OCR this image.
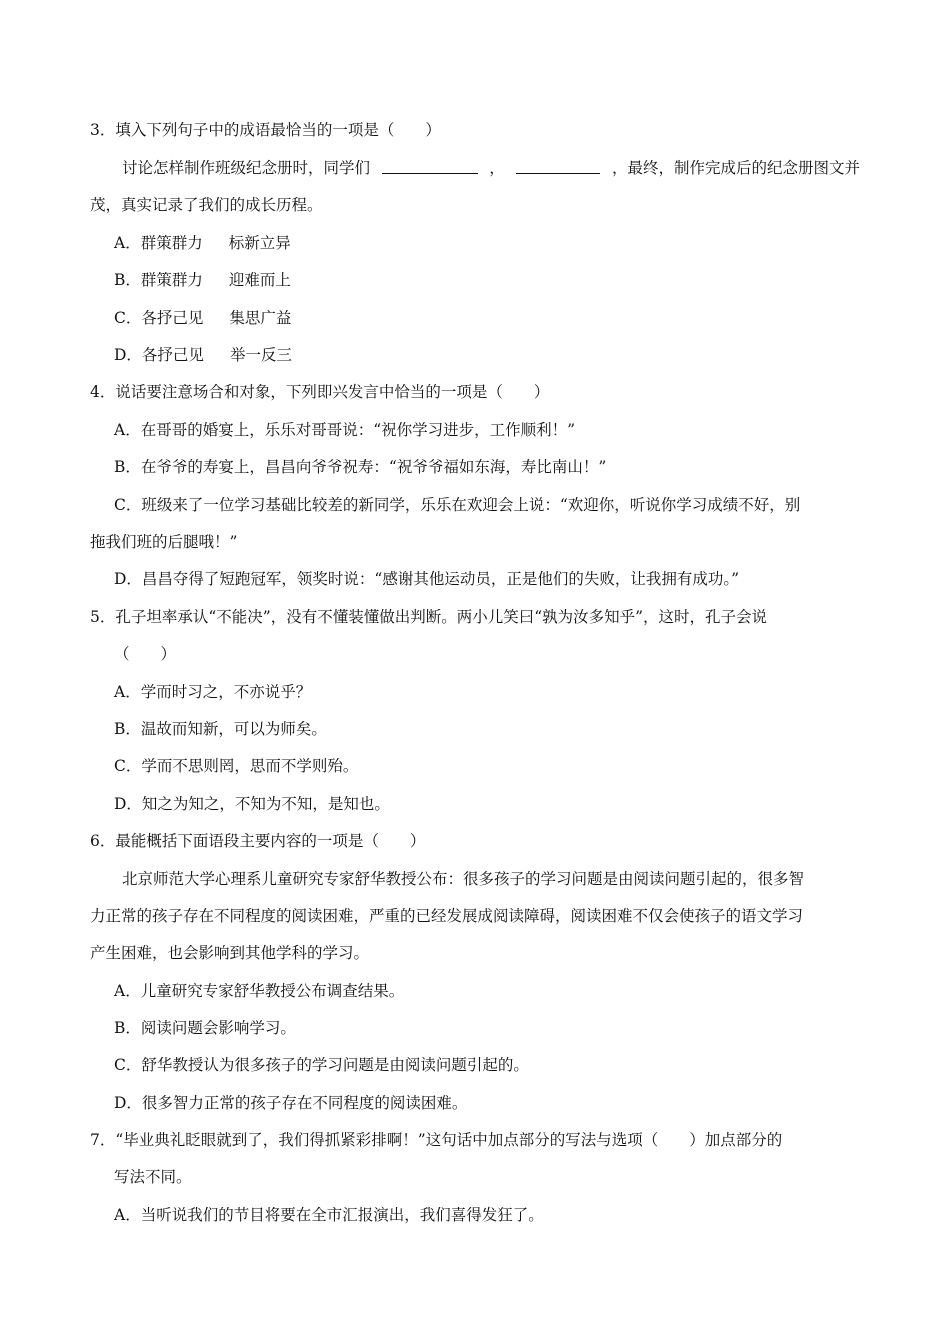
3．填入下列句子中的成语最恰当的一项是（　　）
讨论怎样制作班级纪念册时，同学们	，	，最终，制作完成后的纪念册图文并
茂，真实记录了我们的成长历程。
A．群策群力 标新立异
B．群策群力 迎难而上
C．各抒己见 集思广益
D．各抒己见 举一反三
4．说话要注意场合和对象，下列即兴发言中恰当的一项是（　　）
A．在哥哥的婚宴上，乐乐对哥哥说：“祝你学习进步，工作顺利！”
B．在爷爷的寿宴上，昌昌向爷爷祝寿：“祝爷爷福如东海，寿比南山！”
C．班级来了一位学习基础比较差的新同学，乐乐在欢迎会上说：“欢迎你，听说你学习成绩不好，别
拖我们班的后腿哦！”
D．昌昌夺得了短跑冠军，领奖时说：“感谢其他运动员，正是他们的失败，让我拥有成功。”
5．孔子坦率承认“不能决”，没有不懂装懂做出判断。两小儿笑曰“孰为汝多知乎”，这时，孔子会说
（　　）
A．学而时习之，不亦说乎？
B．温故而知新，可以为师矣。
C．学而不思则罔，思而不学则殆。
D．知之为知之，不知为不知，是知也。
6．最能概括下面语段主要内容的一项是（　　）
北京师范大学心理系儿童研究专家舒华教授公布：很多孩子的学习问题是由阅读问题引起的，很多智
力正常的孩子存在不同程度的阅读困难，严重的已经发展成阅读障碍，阅读困难不仅会使孩子的语文学习
产生困难，也会影响到其他学科的学习。
A．儿童研究专家舒华教授公布调查结果。
B．阅读问题会影响学习。
C．舒华教授认为很多孩子的学习问题是由阅读问题引起的。
D．很多智力正常的孩子存在不同程度的阅读困难。
7．“毕业典礼眨眼就到了，我们得抓紧彩排啊！”这句话中加点部分的写法与选项（　　）加点部分的
写法不同。
A．当听说我们的节目将要在全市汇报演出，我们喜得发狂了。
